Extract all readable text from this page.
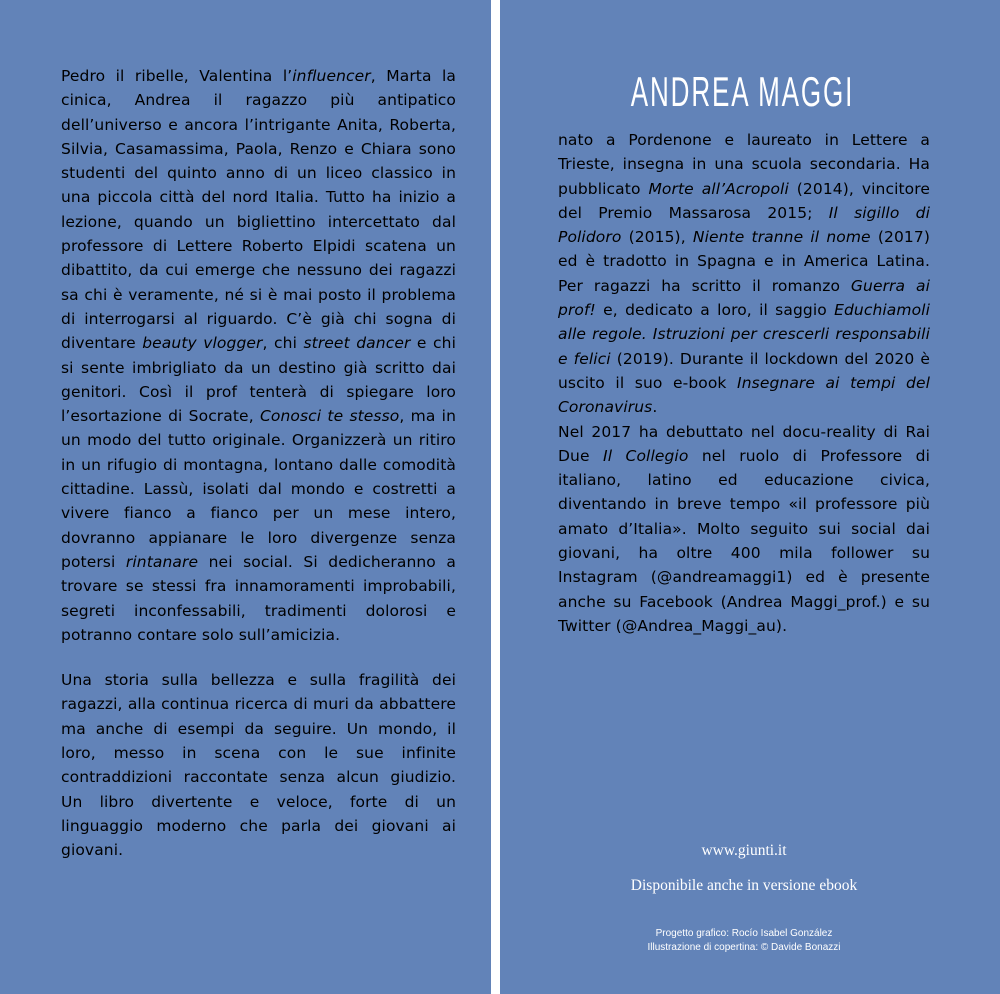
Pedro il ribelle, Valentina l’influencer, Marta la cinica, Andrea il ragazzo più antipatico dell’universo e ancora l’intrigante Anita, Roberta, Silvia, Casamassima, Paola, Renzo e Chiara sono studenti del quinto anno di un liceo classico in una piccola città del nord Italia. Tutto ha inizio a lezione, quando un bigliettino intercettato dal professore di Lettere Roberto Elpidi scatena un dibattito, da cui emerge che nessuno dei ragazzi sa chi è veramente, né si è mai posto il problema di interrogarsi al riguardo. C’è già chi sogna di diventare beauty vlogger, chi street dancer e chi si sente imbrigliato da un destino già scritto dai genitori. Così il prof tenterà di spiegare loro l’esortazione di Socrate, Conosci te stesso, ma in un modo del tutto originale. Organizzerà un ritiro in un rifugio di montagna, lontano dalle comodità cittadine. Lassù, isolati dal mondo e costretti a vivere fianco a fianco per un mese intero, dovranno appianare le loro divergenze senza potersi rintanare nei social. Si dedicheranno a trovare se stessi fra innamoramenti improbabili, segreti inconfessabili, tradimenti dolorosi e potranno contare solo sull’amicizia.

Una storia sulla bellezza e sulla fragilità dei ragazzi, alla continua ricerca di muri da abbattere ma anche di esempi da seguire. Un mondo, il loro, messo in scena con le sue infinite contraddizioni raccontate senza alcun giudizio. Un libro divertente e veloce, forte di un linguaggio moderno che parla dei giovani ai giovani.

ANDREA MAGGI

nato a Pordenone e laureato in Lettere a Trieste, insegna in una scuola secondaria. Ha pubblicato Morte all’Acropoli (2014), vincitore del Premio Massarosa 2015; Il sigillo di Polidoro (2015), Niente tranne il nome (2017) ed è tradotto in Spagna e in America Latina. Per ragazzi ha scritto il romanzo Guerra ai prof! e, dedicato a loro, il saggio Educhiamoli alle regole. Istruzioni per crescerli responsabili e felici (2019). Durante il lockdown del 2020 è uscito il suo e-book Insegnare ai tempi del Coronavirus.

Nel 2017 ha debuttato nel docu-reality di Rai Due Il Collegio nel ruolo di Professore di italiano, latino ed educazione civica, diventando in breve tempo «il professore più amato d’Italia». Molto seguito sui social dai giovani, ha oltre 400 mila follower su Instagram (@andreamaggi1) ed è presente anche su Facebook (Andrea Maggi_prof.) e su Twitter (@Andrea_Maggi_au).

www.giunti.it
Disponibile anche in versione ebook
Progetto grafico: Rocío Isabel González
Illustrazione di copertina: © Davide Bonazzi
